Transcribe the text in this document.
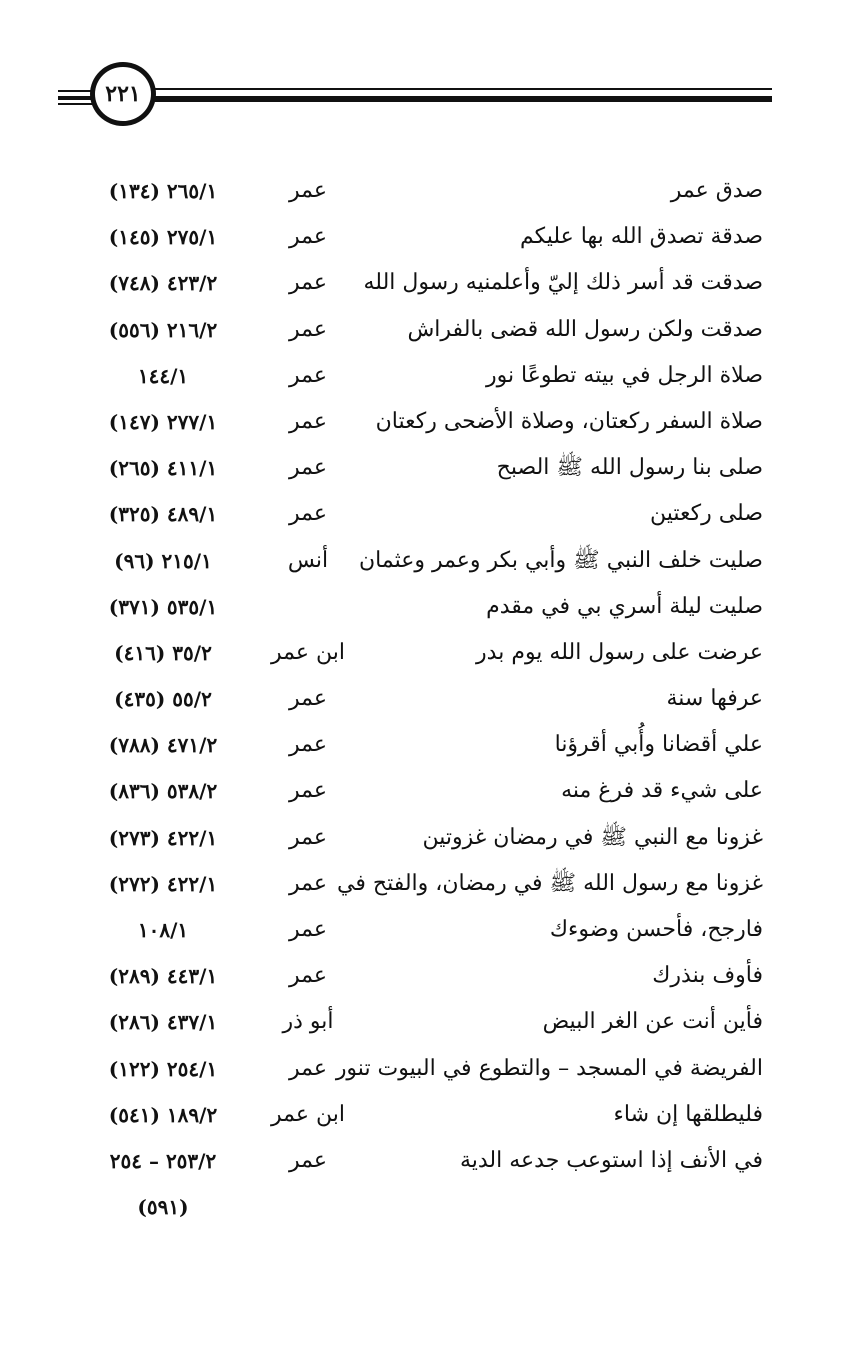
٢٢١
صدق عمر
عمر
٢٦٥/١ (١٣٤)
صدقة تصدق الله بها عليكم
عمر
٢٧٥/١ (١٤٥)
صدقت قد أسر ذلك إليّ وأعلمنيه رسول الله
عمر
٤٢٣/٢ (٧٤٨)
صدقت ولكن رسول الله قضى بالفراش
عمر
٢١٦/٢ (٥٥٦)
صلاة الرجل في بيته تطوعًا نور
عمر
١٤٤/١
صلاة السفر ركعتان، وصلاة الأضحى ركعتان
عمر
٢٧٧/١ (١٤٧)
صلى بنا رسول الله ﷺ الصبح
عمر
٤١١/١ (٢٦٥)
صلى ركعتين
عمر
٤٨٩/١ (٣٢٥)
صليت خلف النبي ﷺ وأبي بكر وعمر وعثمان
أنس
٢١٥/١ (٩٦)
صليت ليلة أسري بي في مقدم
٥٣٥/١ (٣٧١)
عرضت على رسول الله يوم بدر
ابن عمر
٣٥/٢ (٤١٦)
عرفها سنة
عمر
٥٥/٢ (٤٣٥)
علي أقضانا وأُبي أقرؤنا
عمر
٤٧١/٢ (٧٨٨)
على شيء قد فرغ منه
عمر
٥٣٨/٢ (٨٣٦)
غزونا مع النبي ﷺ في رمضان غزوتين
عمر
٤٢٢/١ (٢٧٣)
غزونا مع رسول الله ﷺ في رمضان، والفتح في
عمر
٤٢٢/١ (٢٧٢)
فارجح، فأحسن وضوءك
عمر
١٠٨/١
فأوف بنذرك
عمر
٤٤٣/١ (٢٨٩)
فأين أنت عن الغر البيض
أبو ذر
٤٣٧/١ (٢٨٦)
الفريضة في المسجد – والتطوع في البيوت تنور
عمر
٢٥٤/١ (١٢٢)
فليطلقها إن شاء
ابن عمر
١٨٩/٢ (٥٤١)
في الأنف إذا استوعب جدعه الدية
عمر
٢٥٣/٢ – ٢٥٤
(٥٩١)
